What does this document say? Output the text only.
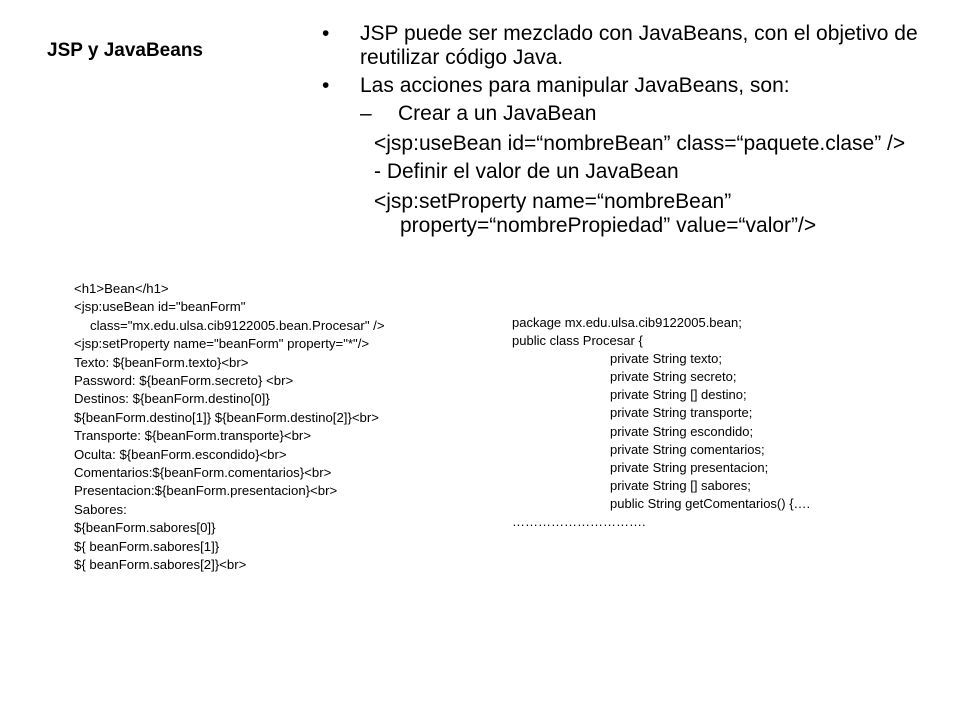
JSP y JavaBeans
• JSP puede ser mezclado con JavaBeans, con el objetivo de reutilizar código Java.
• Las acciones para manipular JavaBeans, son:
– Crear a un JavaBean
<jsp:useBean id=“nombreBean” class=“paquete.clase” />
- Definir el valor de un JavaBean
<jsp:setProperty name=“nombreBean” property=“nombrePropiedad” value=“valor”/>
<h1>Bean</h1>
<jsp:useBean id="beanForm"
class="mx.edu.ulsa.cib9122005.bean.Procesar" />
<jsp:setProperty name="beanForm" property="*"/>
Texto: ${beanForm.texto}<br>
Password: ${beanForm.secreto} <br>
Destinos: ${beanForm.destino[0]}
${beanForm.destino[1]} ${beanForm.destino[2]}<br>
Transporte: ${beanForm.transporte}<br>
Oculta: ${beanForm.escondido}<br>
Comentarios:${beanForm.comentarios}<br>
Presentacion:${beanForm.presentacion}<br>
Sabores:
${beanForm.sabores[0]}
${ beanForm.sabores[1]}
${ beanForm.sabores[2]}<br>
package mx.edu.ulsa.cib9122005.bean;
public class Procesar {
private String texto;
private String secreto;
private String [] destino;
private String transporte;
private String escondido;
private String comentarios;
private String presentacion;
private String [] sabores;
public String getComentarios() {….
………………………….
